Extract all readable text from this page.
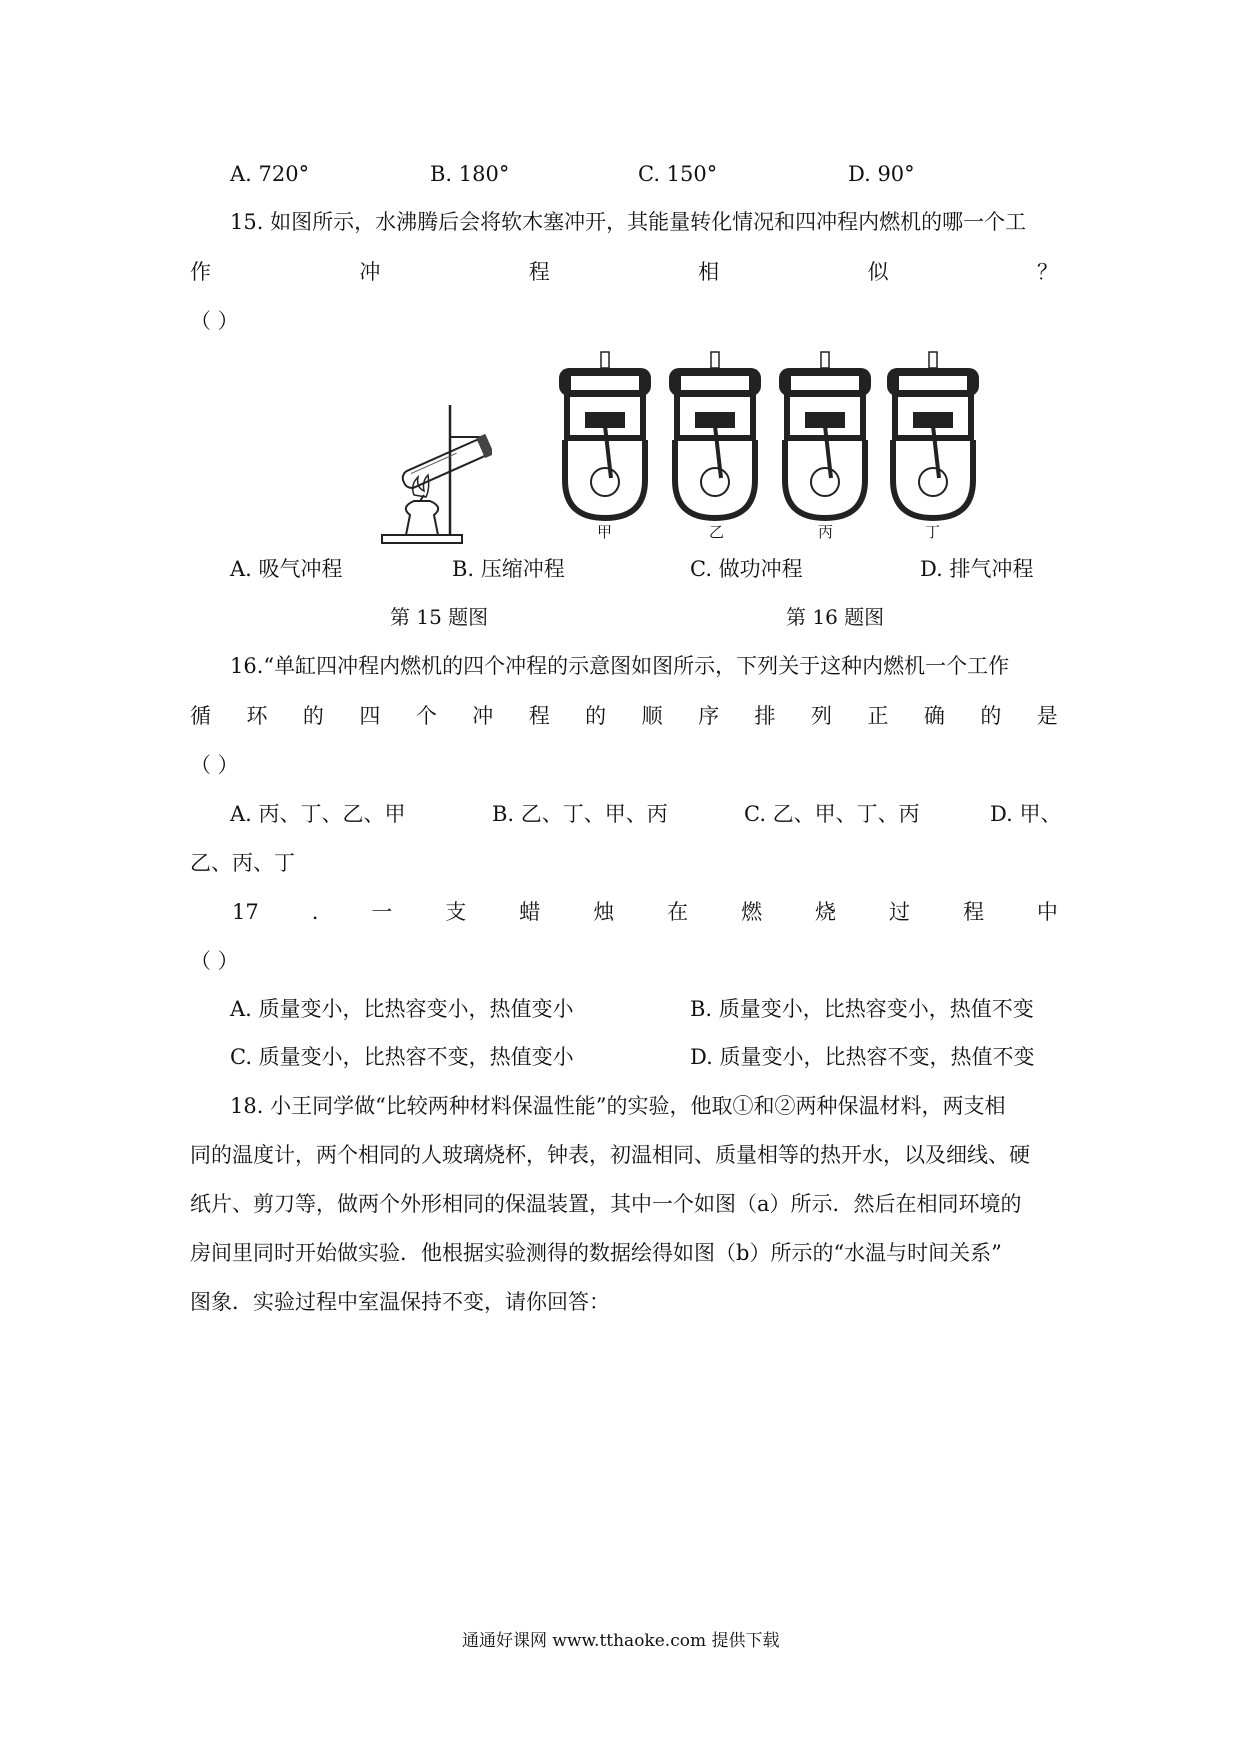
A. 720°	B. 180°	C. 150°	D. 90°
15. 如图所示，水沸腾后会将软木塞冲开，其能量转化情况和四冲程内燃机的哪一个工
作	冲	程	相	似	？
（ ）
甲	乙	丙	丁
A. 吸气冲程	B. 压缩冲程	C. 做功冲程	D. 排气冲程
第 15 题图	第 16 题图
16.“单缸四冲程内燃机的四个冲程的示意图如图所示，下列关于这种内燃机一个工作
循 环 的 四 个 冲 程 的 顺 序 排 列 正 确 的 是
（ ）
A. 丙、丁、乙、甲	B. 乙、丁、甲、丙	C. 乙、甲、丁、丙	D. 甲、
乙、丙、丁
17	.	一	支	蜡	烛	在	燃	烧	过	程	中
（ ）
A. 质量变小，比热容变小，热值变小	B. 质量变小，比热容变小，热值不变
C. 质量变小，比热容不变，热值变小	D. 质量变小，比热容不变，热值不变
18. 小王同学做“比较两种材料保温性能”的实验，他取①和②两种保温材料，两支相
同的温度计，两个相同的人玻璃烧杯，钟表，初温相同、质量相等的热开水，以及细线、硬
纸片、剪刀等，做两个外形相同的保温装置，其中一个如图（a）所示．然后在相同环境的
房间里同时开始做实验．他根据实验测得的数据绘得如图（b）所示的“水温与时间关系”
图象．实验过程中室温保持不变，请你回答：
通通好课网 www.tthaoke.com 提供下载
